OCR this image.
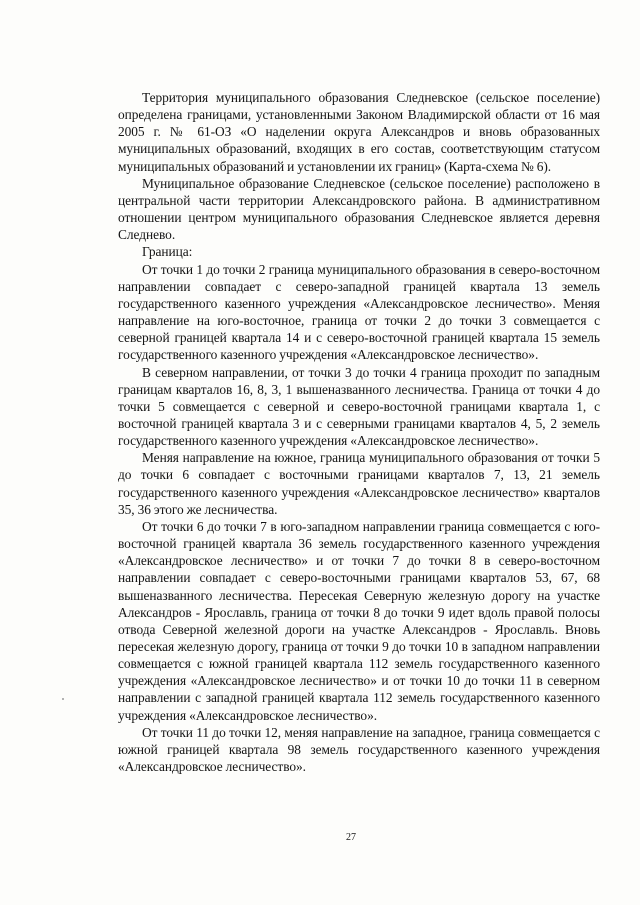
Территория муниципального образования Следневское (сельское поселение) определена границами, установленными Законом Владимирской области от 16 мая 2005 г. № 61-ОЗ «О наделении округа Александров и вновь образованных муниципальных образований, входящих в его состав, соответствующим статусом муниципальных образований и установлении их границ» (Карта-схема № 6).

Муниципальное образование Следневское (сельское поселение) расположено в центральной части территории Александровского района. В административном отношении центром муниципального образования Следневское является деревня Следнево.

Граница:

От точки 1 до точки 2 граница муниципального образования в северо-восточном направлении совпадает с северо-западной границей квартала 13 земель государственного казенного учреждения «Александровское лесничество». Меняя направление на юго-восточное, граница от точки 2 до точки 3 совмещается с северной границей квартала 14 и с северо-восточной границей квартала 15 земель государственного казенного учреждения «Александровское лесничество».

В северном направлении, от точки 3 до точки 4 граница проходит по западным границам кварталов 16, 8, 3, 1 вышеназванного лесничества. Граница от точки 4 до точки 5 совмещается с северной и северо-восточной границами квартала 1, с восточной границей квартала 3 и с северными границами кварталов 4, 5, 2 земель государственного казенного учреждения «Александровское лесничество».

Меняя направление на южное, граница муниципального образования от точки 5 до точки 6 совпадает с восточными границами кварталов 7, 13, 21 земель государственного казенного учреждения «Александровское лесничество» кварталов 35, 36 этого же лесничества.

От точки 6 до точки 7 в юго-западном направлении граница совмещается с юго-восточной границей квартала 36 земель государственного казенного учреждения «Александровское лесничество» и от точки 7 до точки 8 в северо-восточном направлении совпадает с северо-восточными границами кварталов 53, 67, 68 вышеназванного лесничества. Пересекая Северную железную дорогу на участке Александров - Ярославль, граница от точки 8 до точки 9 идет вдоль правой полосы отвода Северной железной дороги на участке Александров - Ярославль. Вновь пересекая железную дорогу, граница от точки 9 до точки 10 в западном направлении совмещается с южной границей квартала 112 земель государственного казенного учреждения «Александровское лесничество» и от точки 10 до точки 11 в северном направлении с западной границей квартала 112 земель государственного казенного учреждения «Александровское лесничество».

От точки 11 до точки 12, меняя направление на западное, граница совмещается с южной границей квартала 98 земель государственного казенного учреждения «Александровское лесничество».

27
